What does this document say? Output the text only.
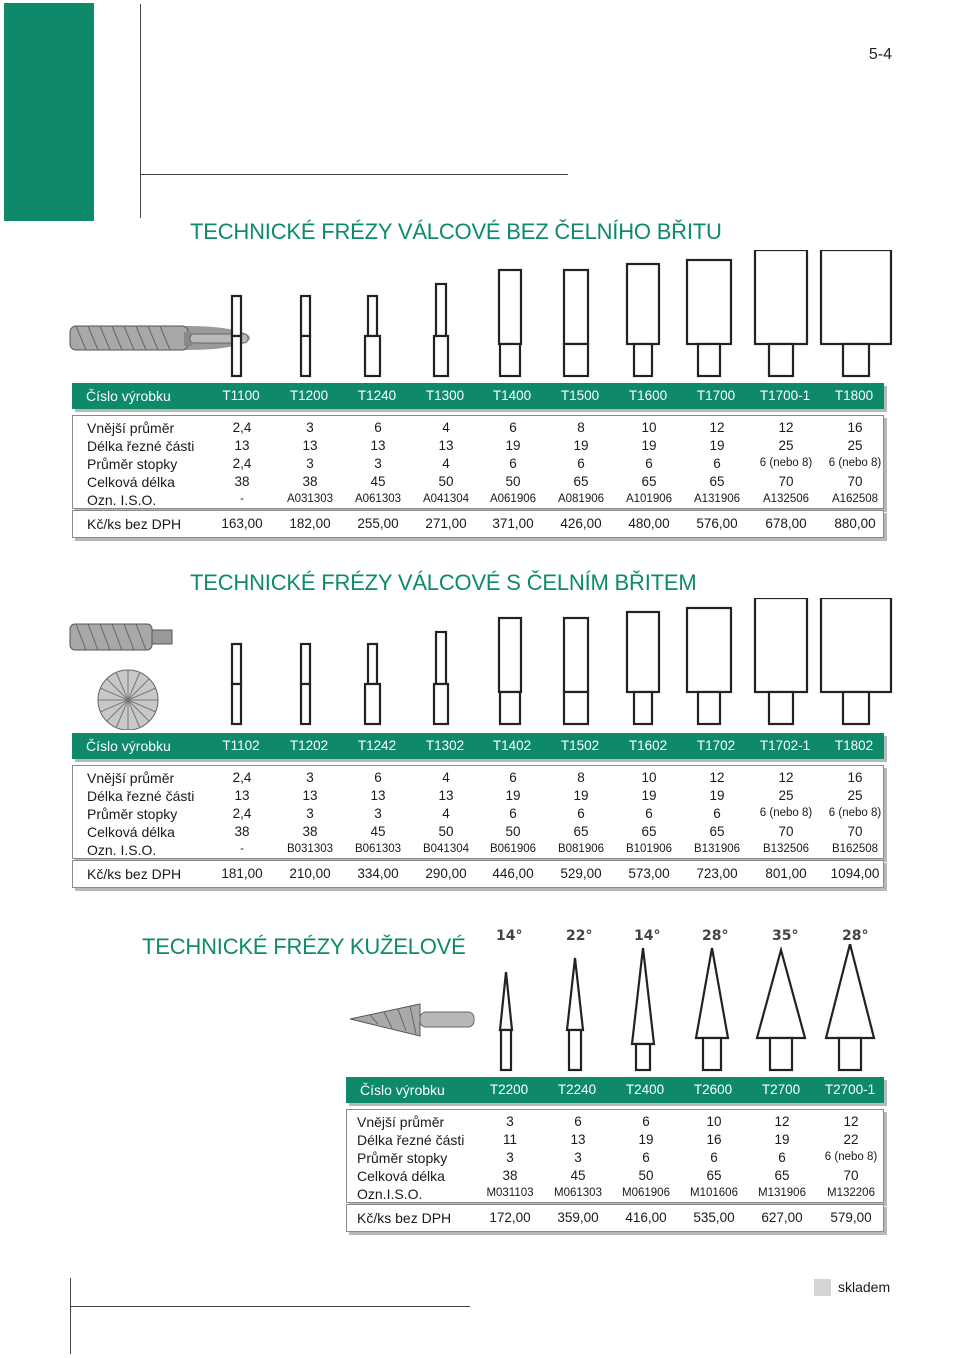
5-4
TECHNICKÉ FRÉZY VÁLCOVÉ BEZ ČELNÍHO BŘITU
Číslo výrobku	T1100	T1200	T1240	T1300	T1400	T1500	T1600	T1700	T1700-1	T1800
Vnější průměr	2,4	3	6	4	6	8	10	12	12	16
Délka řezné části	13	13	13	13	19	19	19	19	25	25
Průměr stopky	2,4	3	3	4	6	6	6	6	6 (nebo 8)	6 (nebo 8)
Celková délka	38	38	45	50	50	65	65	65	70	70
Ozn. I.S.O.	-	A031303	A061303	A041304	A061906	A081906	A101906	A131906	A132506	A162508
Kč/ks bez DPH	163,00	182,00	255,00	271,00	371,00	426,00	480,00	576,00	678,00	880,00
TECHNICKÉ FRÉZY VÁLCOVÉ S ČELNÍM BŘITEM
Číslo výrobku	T1102	T1202	T1242	T1302	T1402	T1502	T1602	T1702	T1702-1	T1802
Vnější průměr	2,4	3	6	4	6	8	10	12	12	16
Délka řezné části	13	13	13	13	19	19	19	19	25	25
Průměr stopky	2,4	3	3	4	6	6	6	6	6 (nebo 8)	6 (nebo 8)
Celková délka	38	38	45	50	50	65	65	65	70	70
Ozn. I.S.O.	-	B031303	B061303	B041304	B061906	B081906	B101906	B131906	B132506	B162508
Kč/ks bez DPH	181,00	210,00	334,00	290,00	446,00	529,00	573,00	723,00	801,00	1094,00
TECHNICKÉ FRÉZY KUŽELOVÉ 14°	22°	14°	28°	35°	28°
Číslo výrobku	T2200	T2240	T2400	T2600	T2700	T2700-1
Vnější průměr	3	6	6	10	12	12
Délka řezné části	11	13	19	16	19	22
Průměr stopky	3	3	6	6	6	6 (nebo 8)
Celková délka	38	45	50	65	65	70
Ozn.I.S.O.	M031103	M061303	M061906	M101606	M131906	M132206
Kč/ks bez DPH	172,00	359,00	416,00	535,00	627,00	579,00
skladem
